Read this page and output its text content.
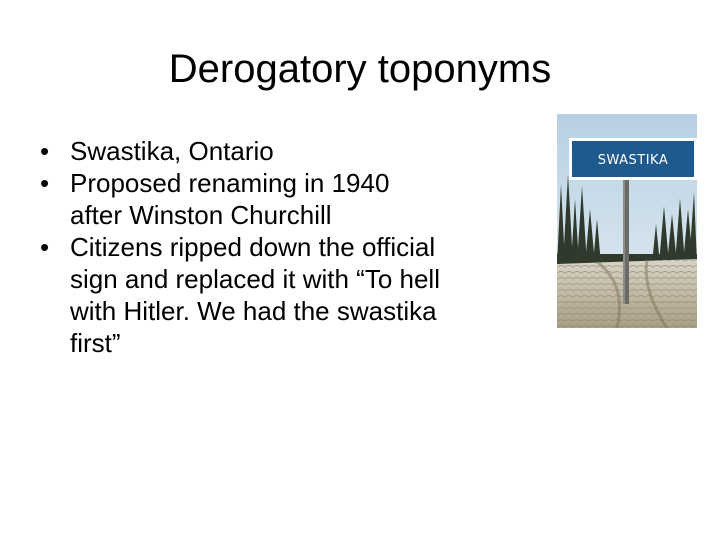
Derogatory toponyms
• Swastika, Ontario
• Proposed renaming in 1940
after Winston Churchill
• Citizens ripped down the official
sign and replaced it with “To hell
with Hitler. We had the swastika
first”
SWASTIKA
